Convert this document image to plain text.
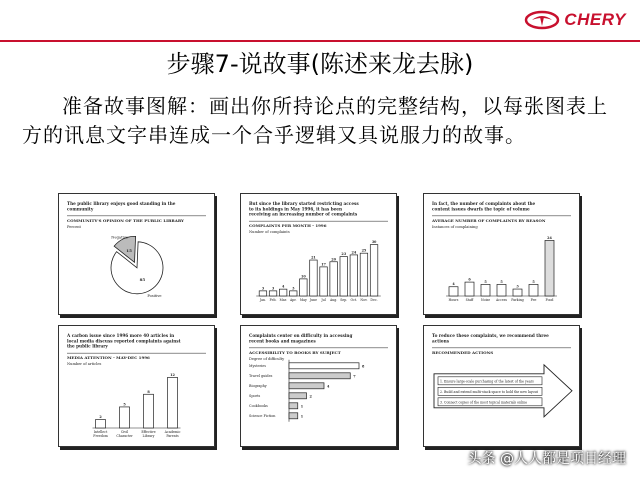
CHERY
步骤7-说故事(陈述来龙去脉)
准备故事图解：画出你所持论点的完整结构，以每张图表上方的讯息文字串连成一个合乎逻辑又具说服力的故事。
The public library enjoys good standing in the
community
COMMUNITY'S OPINION OF THE PUBLIC LIBRARY
Percent
Negative
15
Positive
85
But since the library started restricting access
to its holdings in May 1996, it has been
receiving an increasing number of complaints
COMPLAINTS PER MONTH - 1996
Number of complaints
3
Jan.
3
Feb.
4
Mar.
3
Apr.
10
May
21
June
17
Jul
20
Aug.
23
Sep.
24
Oct.
25
Nov.
30
Dec.
In fact, the number of complaints about the
content issues dwarfs the topic of volume
AVERAGE NUMBER OF COMPLAINTS BY REASON
Instances of complaining
4
Hours
6
Staff
5
Noise
5
Access
3
Parking
5
Fee
24
Food
A carbon issue since 1996 more 40 articles in
local media discuss reported complaints against
the public library
MEDIA ATTENTION - MAY-DEC 1996
Number of articles
2
Intellect
Freedom
5
Civil
Character
8
Effective
Library
12
Academic
Parents
Complaints center on difficulty in accessing
recent books and magazines
ACCESSIBILITY TO BOOKS BY SUBJECT
Degree of difficulty
Mysteries	8
Travel guides	7
Biography	4
Sports	2
Cookbooks	1
Science Fiction	1
To reduce these complaints, we recommend three
actions
RECOMMENDED ACTIONS
1. Ensure large-scale purchasing of the latest of the years
2. Build and extend multi-stack space to hold the new layout
3. Connect copies of the most topical materials online
头条 @人人都是项目经理
